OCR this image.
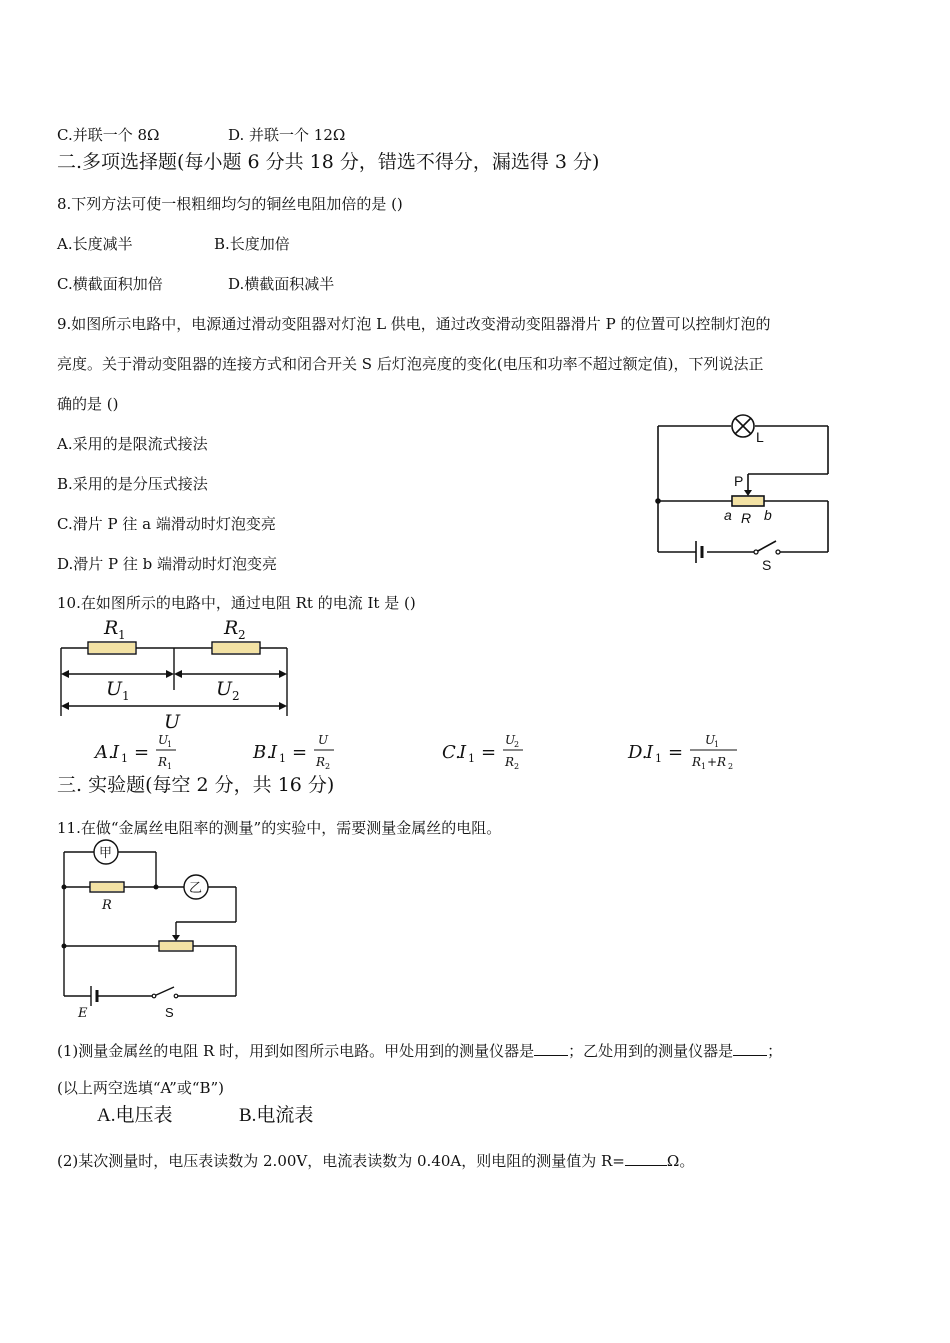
C.并联一个 8Ω	D. 并联一个 12Ω
二.多项选择题(每小题 6 分共 18 分，错选不得分，漏选得 3 分)
8.下列方法可使一根粗细均匀的铜丝电阻加倍的是 ()
A.长度减半	B.长度加倍
C.横截面积加倍	D.横截面积减半
9.如图所示电路中，电源通过滑动变阻器对灯泡 L 供电，通过改变滑动变阻器滑片 P 的位置可以控制灯泡的
亮度。关于滑动变阻器的连接方式和闭合开关 S 后灯泡亮度的变化(电压和功率不超过额定值)，下列说法正
确的是 ()
A.采用的是限流式接法
B.采用的是分压式接法
C.滑片 P 往 a 端滑动时灯泡变亮
D.滑片 P 往 b 端滑动时灯泡变亮
L
P
a R b
S
10.在如图所示的电路中，通过电阻 Rt 的电流 It 是 ()
R 1	R 2
U 1	U 2
U
A.
I 1 =
U
1
R 1
B.
I 1 =
U
R 2
C.
I 1 =
U
2
R 2
D.
I 1 =
U
1
R 1 +R 2
三. 实验题(每空 2 分，共 16 分)
11.在做“金属丝电阻率的测量”的实验中，需要测量金属丝的电阻。
甲
乙
R
E	S
(1)测量金属丝的电阻 R 时，用到如图所示电路。甲处用到的测量仪器是 ；乙处用到的测量仪器是 ；
(以上两空选填“A”或“B”)
A.电压表	B.电流表
(2)某次测量时，电压表读数为 2.00V，电流表读数为 0.40A，则电阻的测量值为 R=	Ω。
